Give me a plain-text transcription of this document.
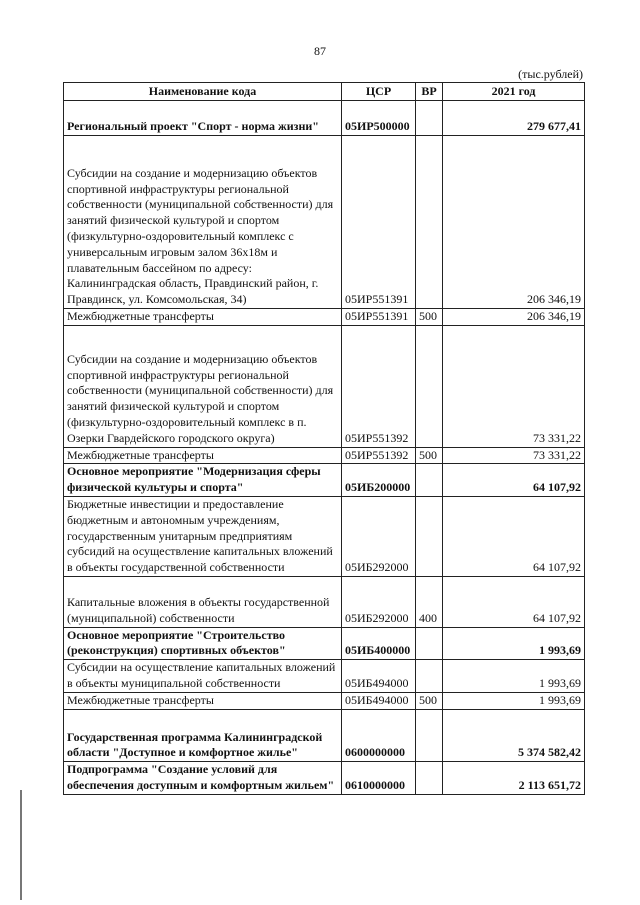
87
(тыс.рублей)
Наименование кода	ЦСР	ВР	2021 год

Региональный проект "Спорт - норма жизни"	05ИР500000		279 677,41

Субсидии на создание и модернизацию объектов спортивной инфраструктуры региональной собственности (муниципальной собственности) для занятий физической культурой и спортом (физкультурно-оздоровительный комплекс с универсальным игровым залом 36х18м и плавательным бассейном по адресу: Калининградская область, Правдинский район, г. Правдинск, ул. Комсомольская, 34)	05ИР551391		206 346,19
Межбюджетные трансферты	05ИР551391	500	206 346,19

Субсидии на создание и модернизацию объектов спортивной инфраструктуры региональной собственности (муниципальной собственности) для занятий физической культурой и спортом (физкультурно-оздоровительный комплекс в п. Озерки Гвардейского городского округа)	05ИР551392		73 331,22
Межбюджетные трансферты	05ИР551392	500	73 331,22
Основное мероприятие "Модернизация сферы физической культуры и спорта"	05ИБ200000		64 107,92
Бюджетные инвестиции и предоставление бюджетным и автономным учреждениям, государственным унитарным предприятиям субсидий на осуществление капитальных вложений в объекты государственной собственности	05ИБ292000		64 107,92

Капитальные вложения в объекты государственной (муниципальной) собственности	05ИБ292000	400	64 107,92
Основное мероприятие "Строительство (реконструкция) спортивных объектов"	05ИБ400000		1 993,69
Субсидии на осуществление капитальных вложений в объекты муниципальной собственности	05ИБ494000		1 993,69
Межбюджетные трансферты	05ИБ494000	500	1 993,69

Государственная программа Калининградской области "Доступное и комфортное жилье"	0600000000		5 374 582,42
Подпрограмма "Создание условий для обеспечения доступным и комфортным жильем"	0610000000		2 113 651,72
